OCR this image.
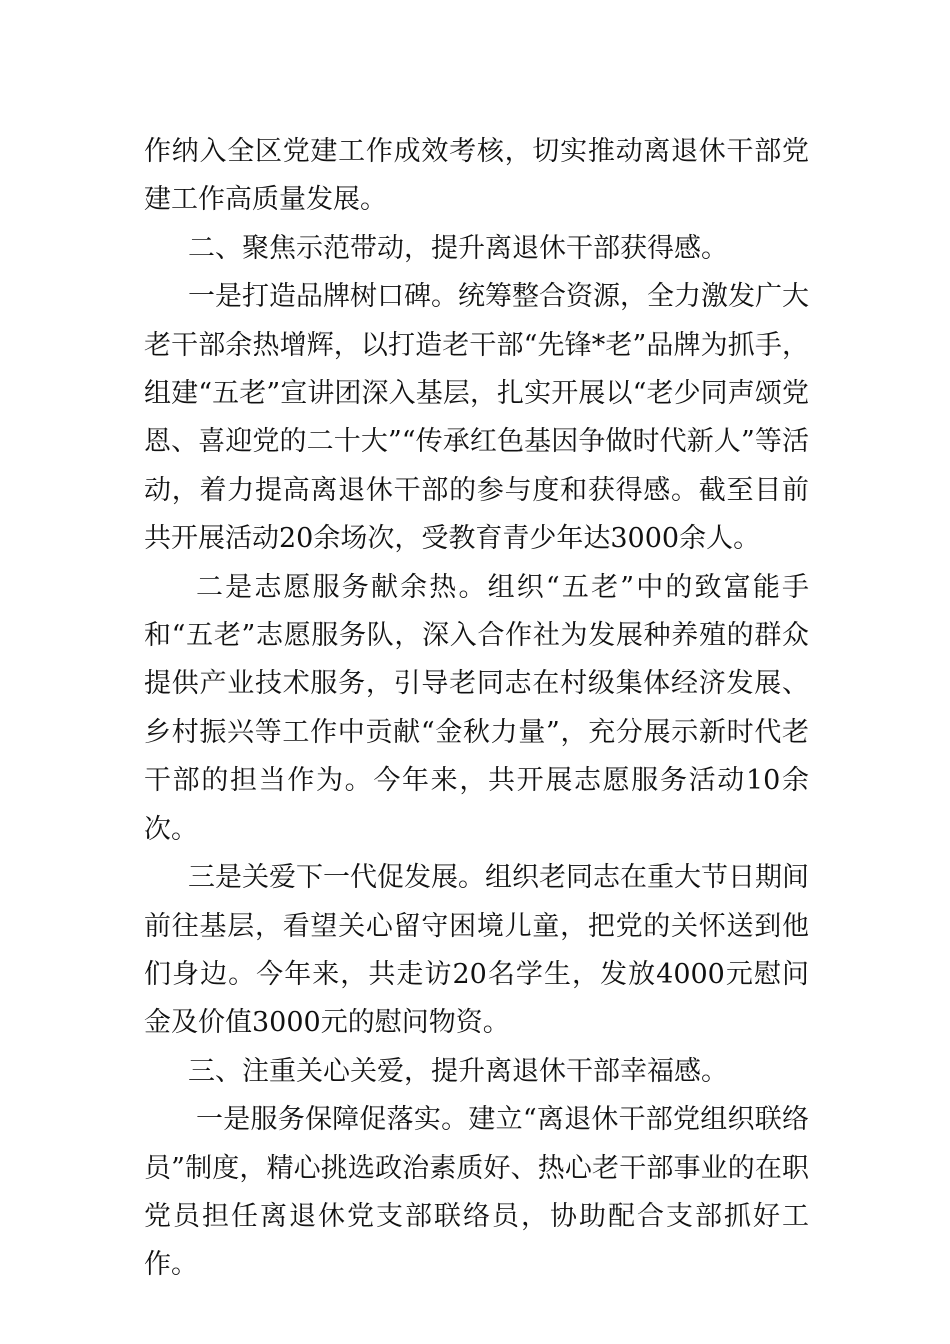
作纳入全区党建工作成效考核，切实推动离退休干部党建工作高质量发展。

二、聚焦示范带动，提升离退休干部获得感。

一是打造品牌树口碑。统筹整合资源，全力激发广大老干部余热增辉，以打造老干部“先锋*老”品牌为抓手，组建“五老”宣讲团深入基层，扎实开展以“老少同声颂党恩、喜迎党的二十大”“传承红色基因争做时代新人”等活动，着力提高离退休干部的参与度和获得感。截至目前共开展活动20余场次，受教育青少年达3000余人。

二是志愿服务献余热。组织“五老”中的致富能手和“五老”志愿服务队，深入合作社为发展种养殖的群众提供产业技术服务，引导老同志在村级集体经济发展、乡村振兴等工作中贡献“金秋力量”，充分展示新时代老干部的担当作为。今年来，共开展志愿服务活动10余次。

三是关爱下一代促发展。组织老同志在重大节日期间前往基层，看望关心留守困境儿童，把党的关怀送到他们身边。今年来，共走访20名学生，发放4000元慰问金及价值3000元的慰问物资。

三、注重关心关爱，提升离退休干部幸福感。

一是服务保障促落实。建立“离退休干部党组织联络员”制度，精心挑选政治素质好、热心老干部事业的在职党员担任离退休党支部联络员，协助配合支部抓好工作。
